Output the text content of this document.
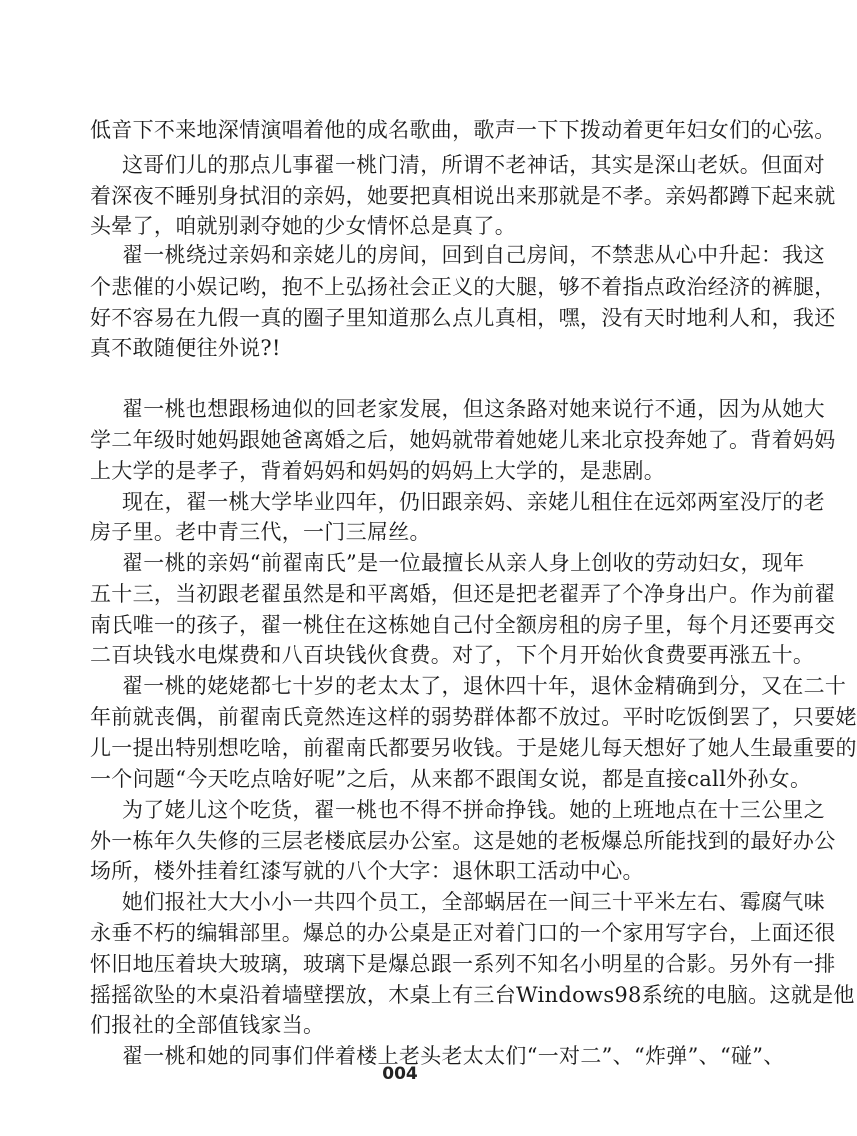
低音下不来地深情演唱着他的成名歌曲，歌声一下下拨动着更年妇女们的心弦。
这哥们儿的那点儿事翟一桃门清，所谓不老神话，其实是深山老妖。但面对
着深夜不睡别身拭泪的亲妈，她要把真相说出来那就是不孝。亲妈都蹲下起来就
头晕了，咱就别剥夺她的少女情怀总是真了。
翟一桃绕过亲妈和亲姥儿的房间，回到自己房间，不禁悲从心中升起：我这
个悲催的小娱记哟，抱不上弘扬社会正义的大腿，够不着指点政治经济的裤腿，
好不容易在九假一真的圈子里知道那么点儿真相，嘿，没有天时地利人和，我还
真不敢随便往外说?!
翟一桃也想跟杨迪似的回老家发展，但这条路对她来说行不通，因为从她大
学二年级时她妈跟她爸离婚之后，她妈就带着她姥儿来北京投奔她了。背着妈妈
上大学的是孝子，背着妈妈和妈妈的妈妈上大学的，是悲剧。
现在，翟一桃大学毕业四年，仍旧跟亲妈、亲姥儿租住在远郊两室没厅的老
房子里。老中青三代，一门三屌丝。
翟一桃的亲妈“前翟南氏”是一位最擅长从亲人身上创收的劳动妇女，现年
五十三，当初跟老翟虽然是和平离婚，但还是把老翟弄了个净身出户。作为前翟
南氏唯一的孩子，翟一桃住在这栋她自己付全额房租的房子里，每个月还要再交
二百块钱水电煤费和八百块钱伙食费。对了，下个月开始伙食费要再涨五十。
翟一桃的姥姥都七十岁的老太太了，退休四十年，退休金精确到分，又在二十
年前就丧偶，前翟南氏竟然连这样的弱势群体都不放过。平时吃饭倒罢了，只要姥
儿一提出特别想吃啥，前翟南氏都要另收钱。于是姥儿每天想好了她人生最重要的
一个问题“今天吃点啥好呢”之后，从来都不跟闺女说，都是直接call外孙女。
为了姥儿这个吃货，翟一桃也不得不拼命挣钱。她的上班地点在十三公里之
外一栋年久失修的三层老楼底层办公室。这是她的老板爆总所能找到的最好办公
场所，楼外挂着红漆写就的八个大字：退休职工活动中心。
她们报社大大小小一共四个员工，全部蜗居在一间三十平米左右、霉腐气味
永垂不朽的编辑部里。爆总的办公桌是正对着门口的一个家用写字台，上面还很
怀旧地压着块大玻璃，玻璃下是爆总跟一系列不知名小明星的合影。另外有一排
摇摇欲坠的木桌沿着墙壁摆放，木桌上有三台Windows98系统的电脑。这就是他
们报社的全部值钱家当。
翟一桃和她的同事们伴着楼上老头老太太们“一对二”、“炸弹”、“碰”、
004
